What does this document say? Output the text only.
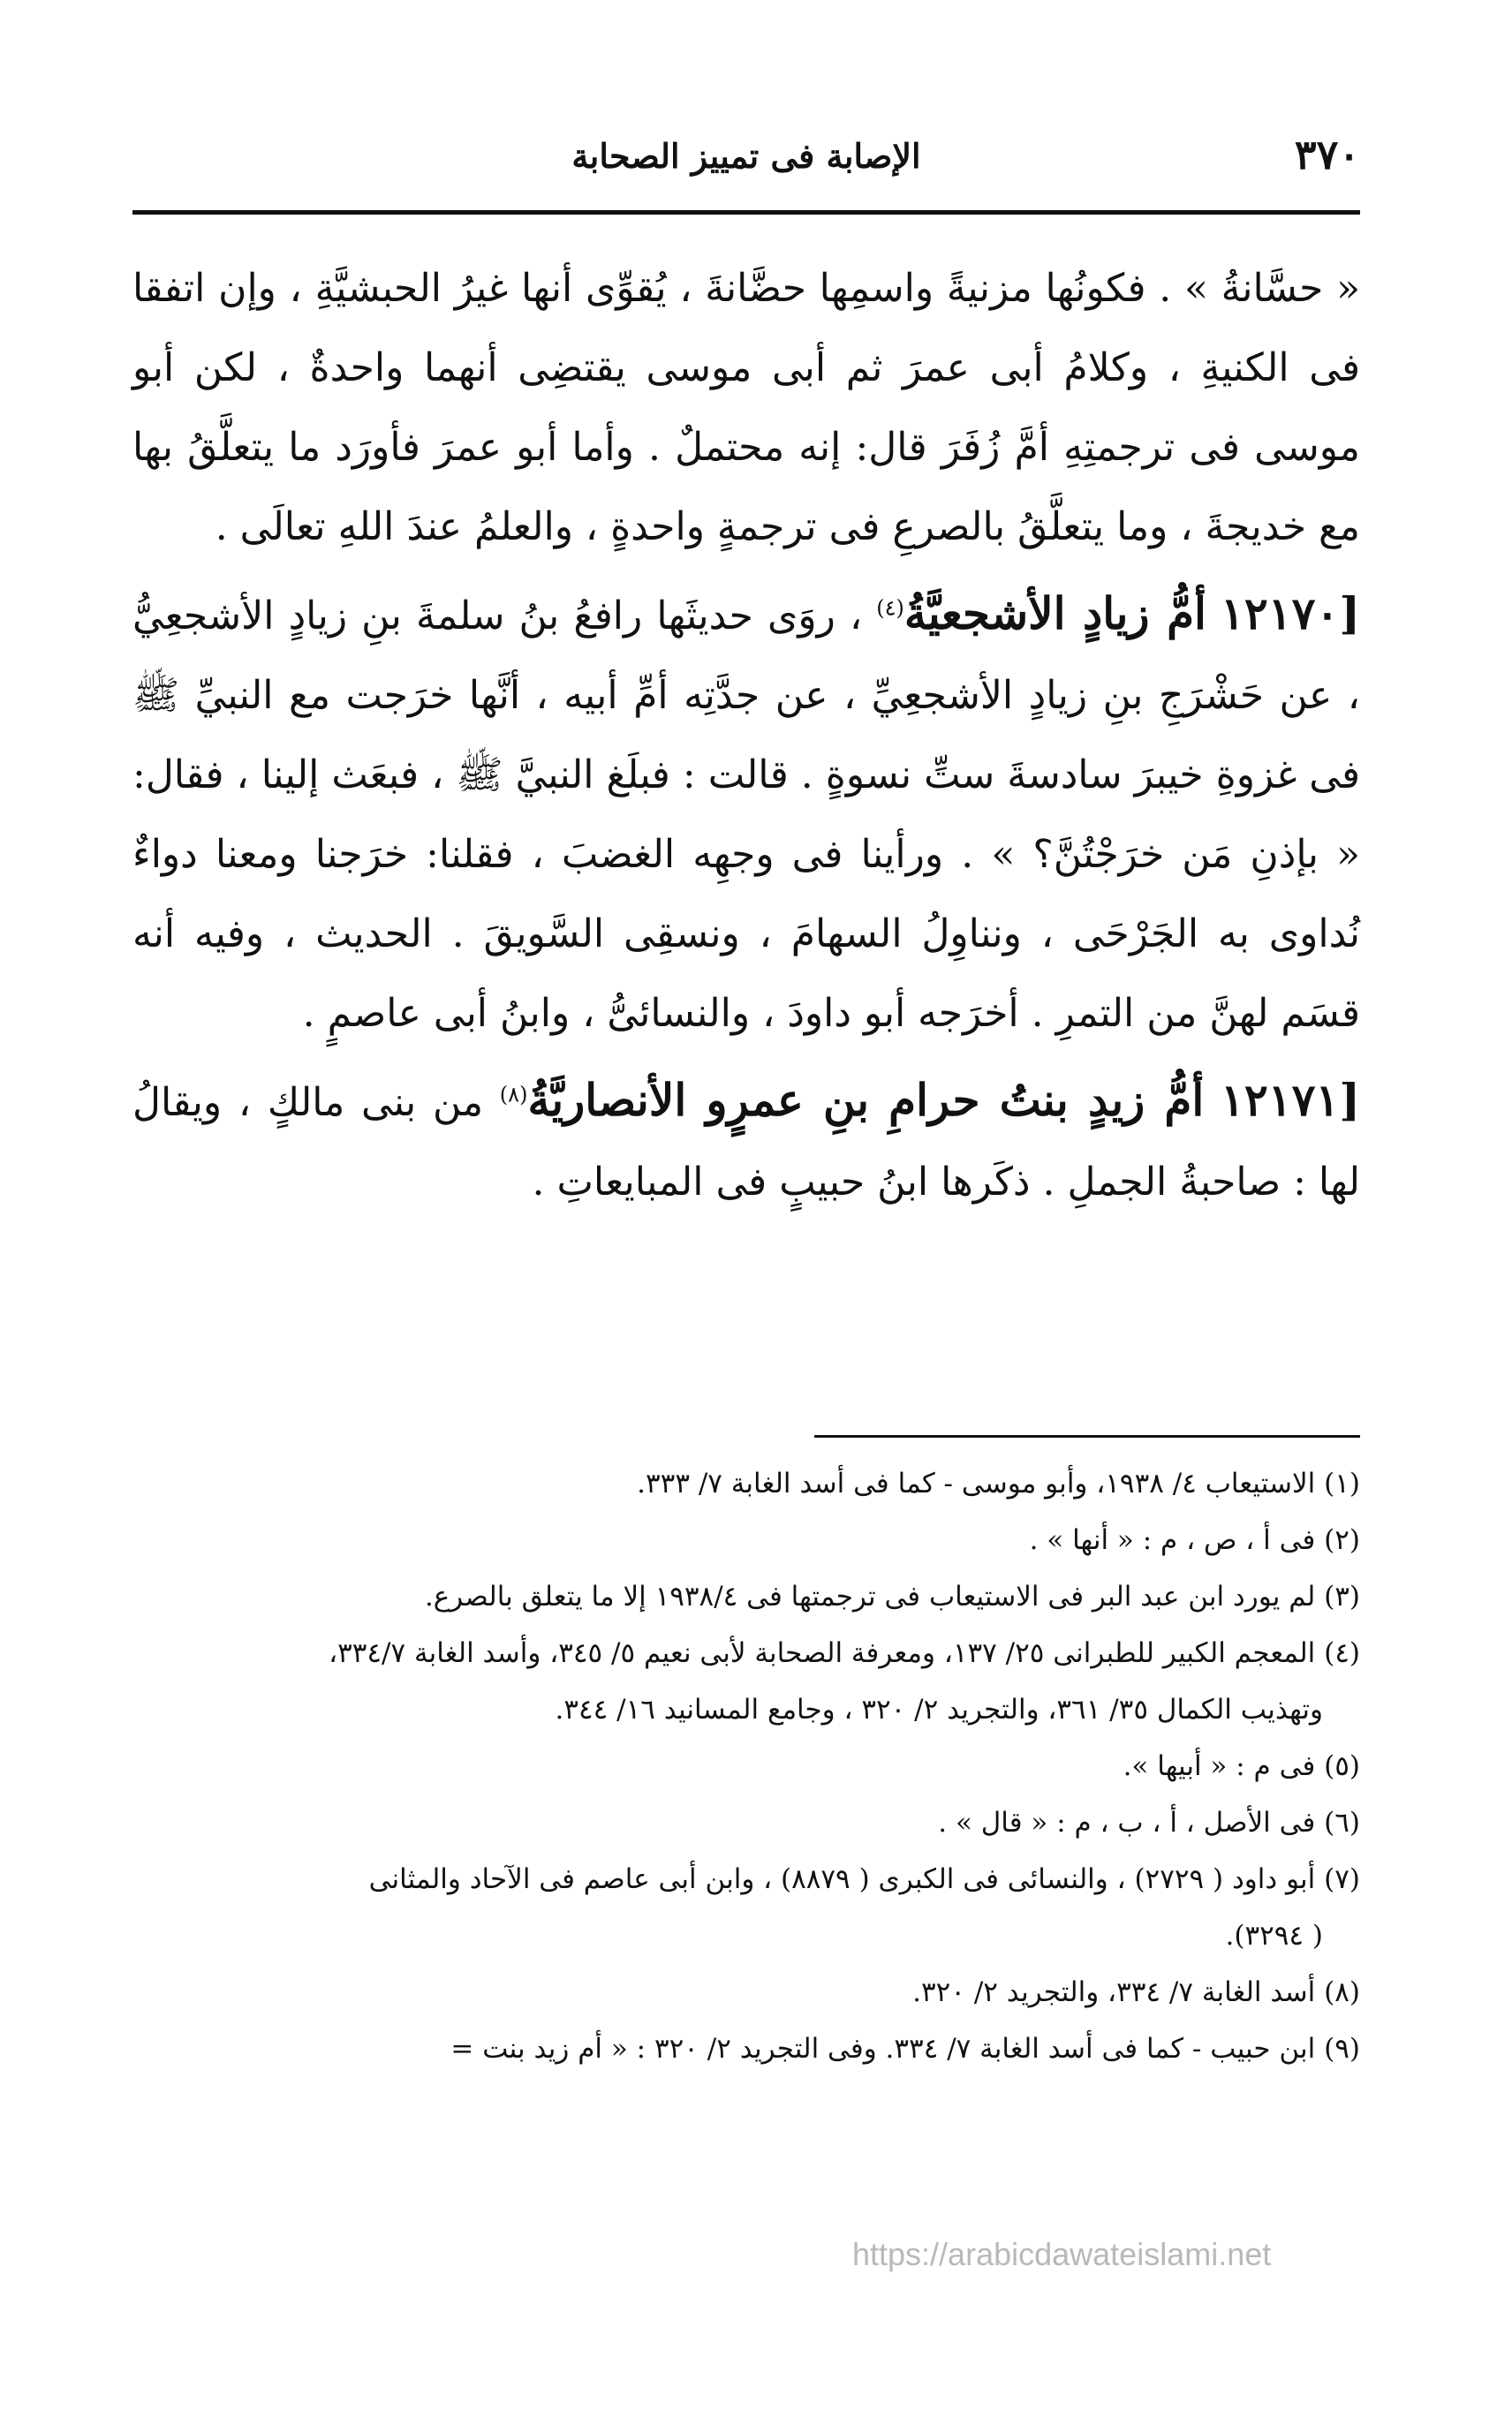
٣٧٠
الإصابة فى تمييز الصحابة

« حسَّانةُ » . فكونُها مزنيةً واسمِها حضَّانةَ ، يُقوِّى أنها غيرُ الحبشيَّةِ ، وإن اتفقا فى الكنيةِ ، وكلامُ أبى عمرَ ثم أبى موسى يقتضِى أنهما واحدةٌ ، لكن أبو موسى فى ترجمتِهِ أمَّ زُفَرَ قال: إنه محتملٌ . وأما أبو عمرَ فأورَد ما يتعلَّقُ بها مع خديجةَ ، وما يتعلَّقُ بالصرعِ فى ترجمةٍ واحدةٍ ، والعلمُ عندَ اللهِ تعالَى .

[١٢١٧٠ أمُّ زيادٍ الأشجعيَّةُ$^{(٤)}$ ، روَى حديثَها رافعُ بنُ سلمةَ بنِ زيادٍ الأشجعِيُّ ، عن حَشْرَجِ بنِ زيادٍ الأشجعِيِّ ، عن جدَّتِه أمِّ أبيه ، أنَّها خرَجت مع النبيِّ ﷺ فى غزوةِ خيبرَ سادسةَ ستِّ نسوةٍ . قالت : فبلَغ النبيَّ ﷺ ، فبعَث إلينا ، فقال: « بإذنِ مَن خرَجْتُنَّ؟ » . ورأينا فى وجهِه الغضبَ ، فقلنا: خرَجنا ومعنا دواءٌ نُداوى به الجَرْحَى ، ونناوِلُ السهامَ ، ونسقِى السَّويقَ . الحديث ، وفيه أنه قسَم لهنَّ من التمرِ . أخرَجه أبو داودَ ، والنسائىُّ ، وابنُ أبى عاصمٍ .

[١٢١٧١ أمُّ زيدٍ بنتُ حرامِ بنِ عمرٍو الأنصاريَّةُ$^{(٨)}$ من بنى مالكٍ ، ويقالُ لها : صاحبةُ الجملِ . ذكَرها ابنُ حبيبٍ فى المبايعاتِ .

(١) الاستيعاب ٤/ ١٩٣٨، وأبو موسى - كما فى أسد الغابة ٧/ ٣٣٣.

(٢) فى أ ، ص ، م : « أنها » .

(٣) لم يورد ابن عبد البر فى الاستيعاب فى ترجمتها فى ١٩٣٨/٤ إلا ما يتعلق بالصرع.

(٤) المعجم الكبير للطبرانى ٢٥/ ١٣٧، ومعرفة الصحابة لأبى نعيم ٥/ ٣٤٥، وأسد الغابة ٣٣٤/٧،
وتهذيب الكمال ٣٥/ ٣٦١، والتجريد ٢/ ٣٢٠ ، وجامع المسانيد ١٦/ ٣٤٤.

(٥) فى م : « أبيها ».

(٦) فى الأصل ، أ ، ب ، م : « قال » .

(٧) أبو داود ( ٢٧٢٩) ، والنسائى فى الكبرى ( ٨٨٧٩) ، وابن أبى عاصم فى الآحاد والمثانى
( ٣٢٩٤).

(٨) أسد الغابة ٧/ ٣٣٤، والتجريد ٢/ ٣٢٠.

(٩) ابن حبيب - كما فى أسد الغابة ٧/ ٣٣٤. وفى التجريد ٢/ ٣٢٠ : « أم زيد بنت =

https://arabicdawateislami.net
